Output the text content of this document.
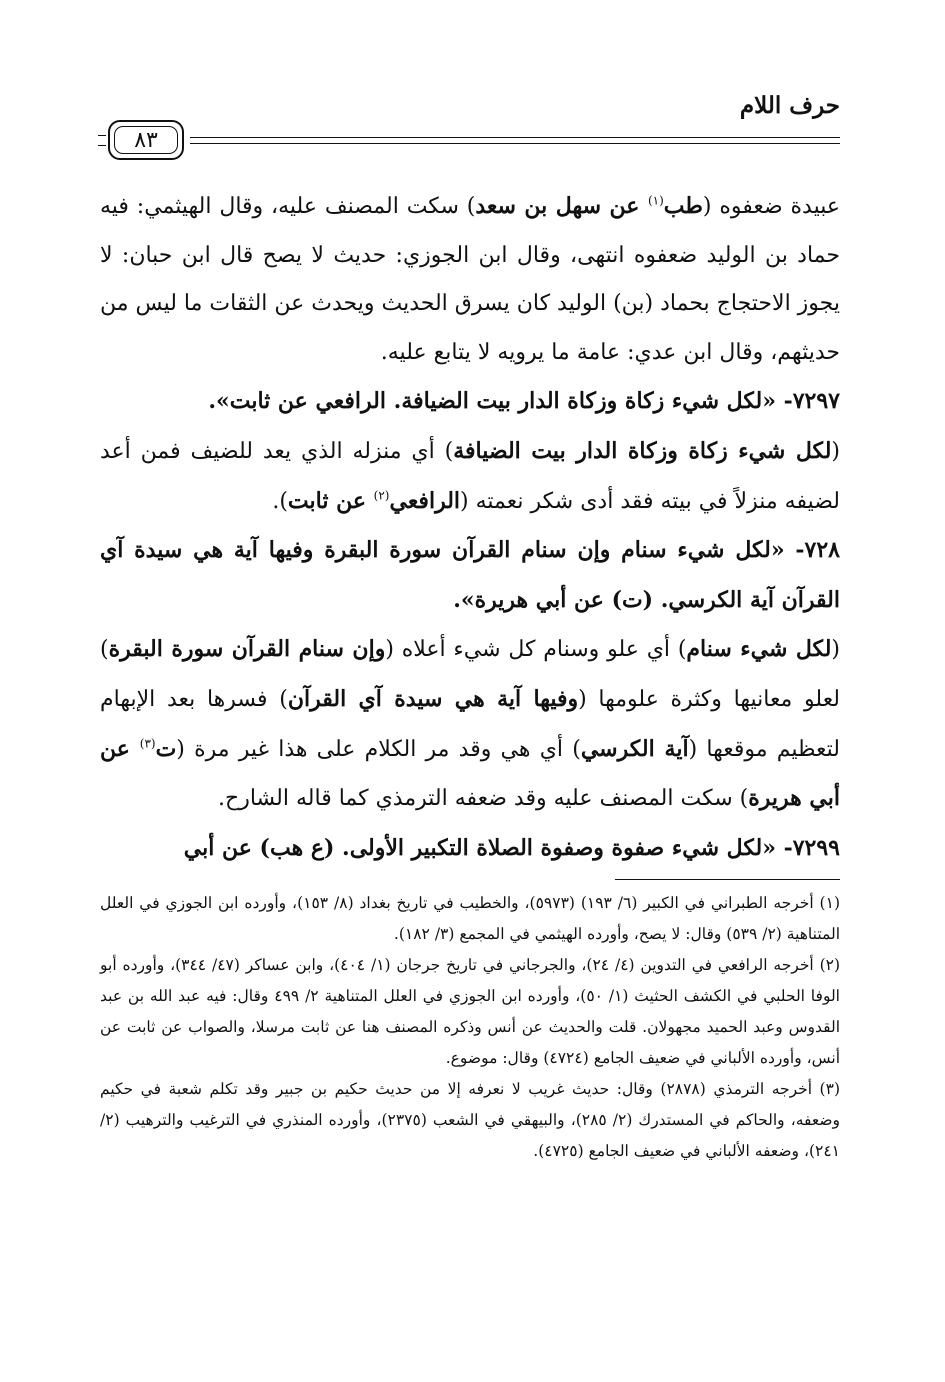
حرف اللام
٨٣

عبيدة ضعفوه (طب$^{(١)}$ عن سهل بن سعد) سكت المصنف عليه، وقال الهيثمي: فيه حماد بن الوليد ضعفوه انتهى، وقال ابن الجوزي: حديث لا يصح قال ابن حبان: لا يجوز الاحتجاج بحماد (بن) الوليد كان يسرق الحديث ويحدث عن الثقات ما ليس من حديثهم، وقال ابن عدي: عامة ما يرويه لا يتابع عليه.

٧٢٩٧- «لكل شيء زكاة وزكاة الدار بيت الضيافة. الرافعي عن ثابت».

(لكل شيء زكاة وزكاة الدار بيت الضيافة) أي منزله الذي يعد للضيف فمن أعد لضيفه منزلاً في بيته فقد أدى شكر نعمته (الرافعي$^{(٢)}$ عن ثابت).

٧٢٨- «لكل شيء سنام وإن سنام القرآن سورة البقرة وفيها آية هي سيدة آي القرآن آية الكرسي. (ت) عن أبي هريرة».

(لكل شيء سنام) أي علو وسنام كل شيء أعلاه (وإن سنام القرآن سورة البقرة) لعلو معانيها وكثرة علومها (وفيها آية هي سيدة آي القرآن) فسرها بعد الإبهام لتعظيم موقعها (آية الكرسي) أي هي وقد مر الكلام على هذا غير مرة (ت$^{(٣)}$ عن أبي هريرة) سكت المصنف عليه وقد ضعفه الترمذي كما قاله الشارح.

٧٢٩٩- «لكل شيء صفوة وصفوة الصلاة التكبير الأولى. (ع هب) عن أبي

(١) أخرجه الطبراني في الكبير (٦/ ١٩٣) (٥٩٧٣)، والخطيب في تاريخ بغداد (٨/ ١٥٣)، وأورده ابن الجوزي في العلل المتناهية (٢/ ٥٣٩) وقال: لا يصح، وأورده الهيثمي في المجمع (٣/ ١٨٢).

(٢) أخرجه الرافعي في التدوين (٤/ ٢٤)، والجرجاني في تاريخ جرجان (١/ ٤٠٤)، وابن عساكر (٤٧/ ٣٤٤)، وأورده أبو الوفا الحلبي في الكشف الحثيث (١/ ٥٠)، وأورده ابن الجوزي في العلل المتناهية ٢/ ٤٩٩ وقال: فيه عبد الله بن عبد القدوس وعبد الحميد مجهولان. قلت والحديث عن أنس وذكره المصنف هنا عن ثابت مرسلا، والصواب عن ثابت عن أنس، وأورده الألباني في ضعيف الجامع (٤٧٢٤) وقال: موضوع.

(٣) أخرجه الترمذي (٢٨٧٨) وقال: حديث غريب لا نعرفه إلا من حديث حكيم بن جبير وقد تكلم شعبة في حكيم وضعفه، والحاكم في المستدرك (٢/ ٢٨٥)، والبيهقي في الشعب (٢٣٧٥)، وأورده المنذري في الترغيب والترهيب (٢/ ٢٤١)، وضعفه الألباني في ضعيف الجامع (٤٧٢٥).
